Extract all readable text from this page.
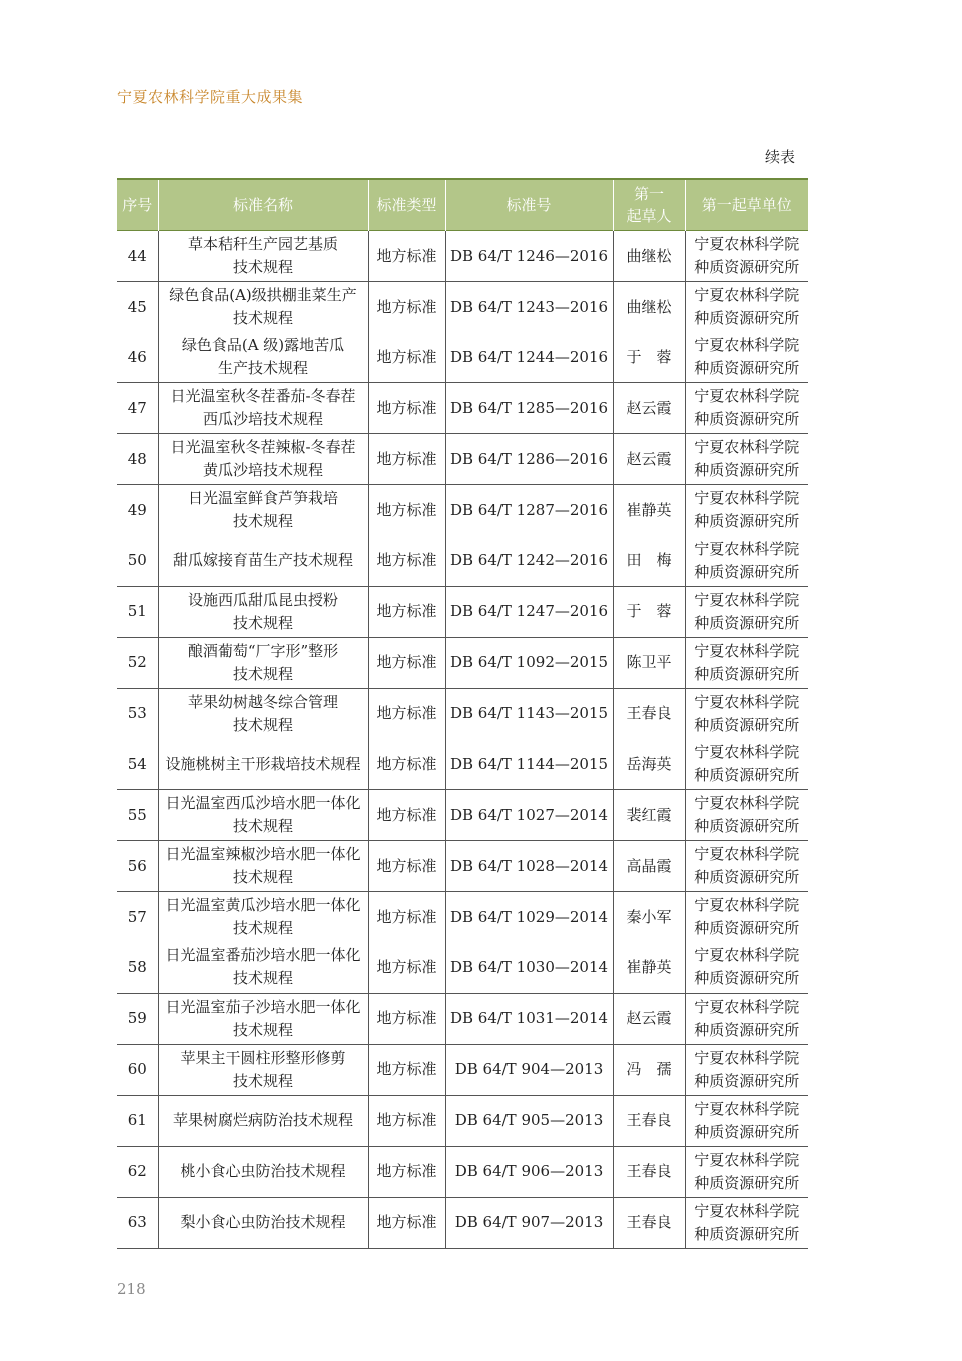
宁夏农林科学院重大成果集
续表
序号	标准名称	标准类型	标准号	第一
起草人	第一起草单位
44	草本秸秆生产园艺基质
技术规程	地方标准	DB 64/T 1246—2016	曲继松	宁夏农林科学院
种质资源研究所
45	绿色食品(A)级拱棚韭菜生产
技术规程	地方标准	DB 64/T 1243—2016	曲继松	宁夏农林科学院
种质资源研究所
46	绿色食品(A 级)露地苦瓜
生产技术规程	地方标准	DB 64/T 1244—2016	于　蓉	宁夏农林科学院
种质资源研究所
47	日光温室秋冬茬番茄-冬春茬
西瓜沙培技术规程	地方标准	DB 64/T 1285—2016	赵云霞	宁夏农林科学院
种质资源研究所
48	日光温室秋冬茬辣椒-冬春茬
黄瓜沙培技术规程	地方标准	DB 64/T 1286—2016	赵云霞	宁夏农林科学院
种质资源研究所
49	日光温室鲜食芦笋栽培
技术规程	地方标准	DB 64/T 1287—2016	崔静英	宁夏农林科学院
种质资源研究所
50	甜瓜嫁接育苗生产技术规程	地方标准	DB 64/T 1242—2016	田　梅	宁夏农林科学院
种质资源研究所
51	设施西瓜甜瓜昆虫授粉
技术规程	地方标准	DB 64/T 1247—2016	于　蓉	宁夏农林科学院
种质资源研究所
52	酿酒葡萄“厂字形”整形
技术规程	地方标准	DB 64/T 1092—2015	陈卫平	宁夏农林科学院
种质资源研究所
53	苹果幼树越冬综合管理
技术规程	地方标准	DB 64/T 1143—2015	王春良	宁夏农林科学院
种质资源研究所
54	设施桃树主干形栽培技术规程	地方标准	DB 64/T 1144—2015	岳海英	宁夏农林科学院
种质资源研究所
55	日光温室西瓜沙培水肥一体化
技术规程	地方标准	DB 64/T 1027—2014	裴红霞	宁夏农林科学院
种质资源研究所
56	日光温室辣椒沙培水肥一体化
技术规程	地方标准	DB 64/T 1028—2014	高晶霞	宁夏农林科学院
种质资源研究所
57	日光温室黄瓜沙培水肥一体化
技术规程	地方标准	DB 64/T 1029—2014	秦小军	宁夏农林科学院
种质资源研究所
58	日光温室番茄沙培水肥一体化
技术规程	地方标准	DB 64/T 1030—2014	崔静英	宁夏农林科学院
种质资源研究所
59	日光温室茄子沙培水肥一体化
技术规程	地方标准	DB 64/T 1031—2014	赵云霞	宁夏农林科学院
种质资源研究所
60	苹果主干圆柱形整形修剪
技术规程	地方标准	DB 64/T 904—2013	冯　孺	宁夏农林科学院
种质资源研究所
61	苹果树腐烂病防治技术规程	地方标准	DB 64/T 905—2013	王春良	宁夏农林科学院
种质资源研究所
62	桃小食心虫防治技术规程	地方标准	DB 64/T 906—2013	王春良	宁夏农林科学院
种质资源研究所
63	梨小食心虫防治技术规程	地方标准	DB 64/T 907—2013	王春良	宁夏农林科学院
种质资源研究所
218
